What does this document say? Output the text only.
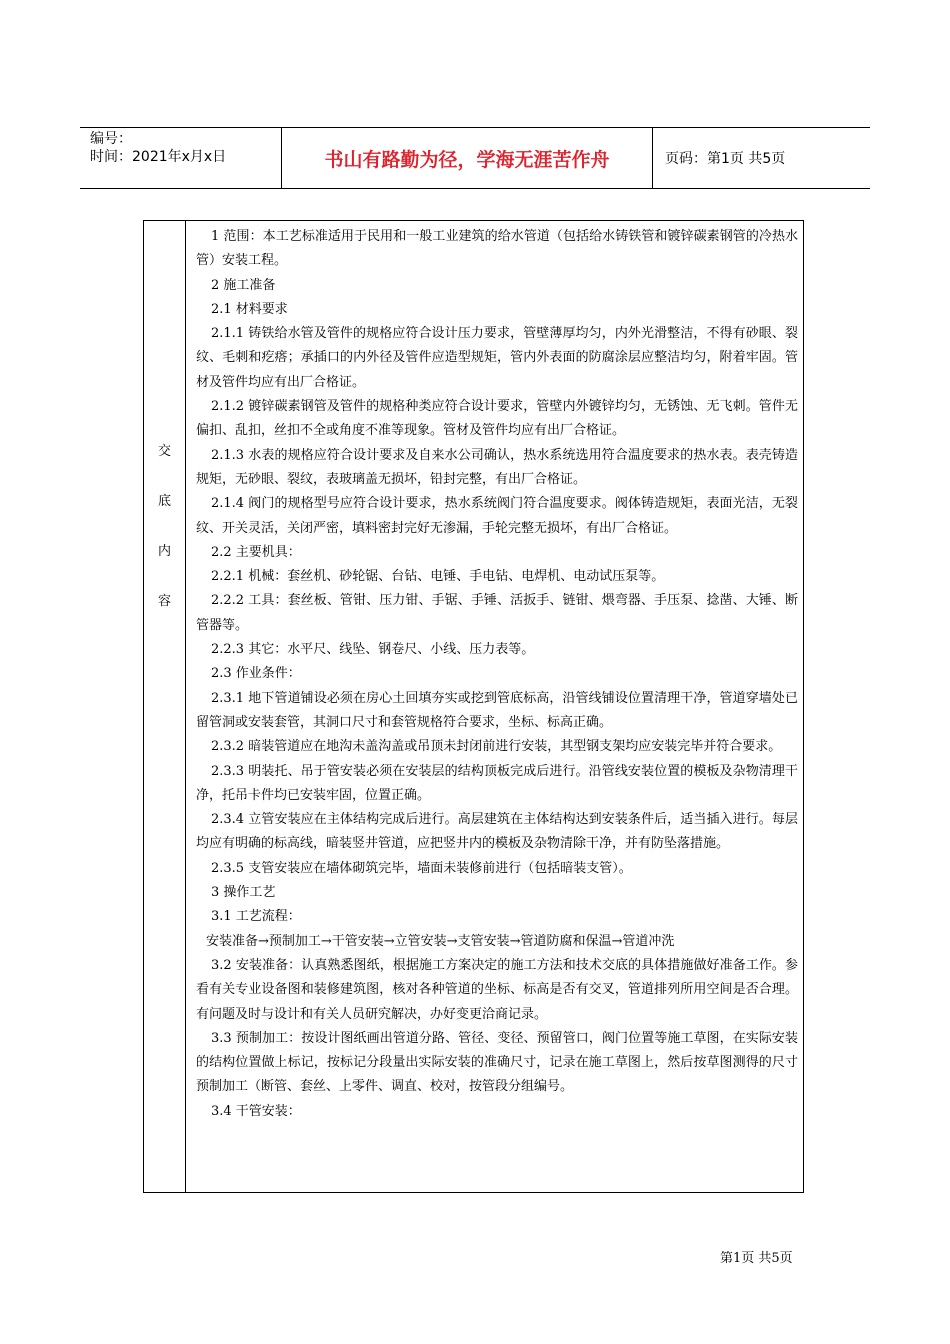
编号：
时间：2021年x月x日	书山有路勤为径，学海无涯苦作舟	页码：第1页 共5页
交
底
内
容

1 范围：本工艺标准适用于民用和一般工业建筑的给水管道（包括给水铸铁管和镀锌碳素钢管的冷热水管）安装工程。

2 施工准备

2.1 材料要求

2.1.1 铸铁给水管及管件的规格应符合设计压力要求，管壁薄厚均匀，内外光滑整洁，不得有砂眼、裂纹、毛刺和疙瘩；承插口的内外径及管件应造型规矩，管内外表面的防腐涂层应整洁均匀，附着牢固。管材及管件均应有出厂合格证。

2.1.2 镀锌碳素钢管及管件的规格种类应符合设计要求，管壁内外镀锌均匀，无锈蚀、无飞刺。管件无偏扣、乱扣，丝扣不全或角度不准等现象。管材及管件均应有出厂合格证。

2.1.3 水表的规格应符合设计要求及自来水公司确认，热水系统选用符合温度要求的热水表。表壳铸造规矩，无砂眼、裂纹，表玻璃盖无损坏，铅封完整，有出厂合格证。

2.1.4 阀门的规格型号应符合设计要求，热水系统阀门符合温度要求。阀体铸造规矩，表面光洁，无裂纹、开关灵活，关闭严密，填料密封完好无渗漏，手轮完整无损坏，有出厂合格证。

2.2 主要机具：

2.2.1 机械：套丝机、砂轮锯、台钻、电锤、手电钻、电焊机、电动试压泵等。

2.2.2 工具：套丝板、管钳、压力钳、手锯、手锤、活扳手、链钳、煨弯器、手压泵、捻凿、大锤、断管器等。

2.2.3 其它：水平尺、线坠、钢卷尺、小线、压力表等。

2.3 作业条件：

2.3.1 地下管道铺设必须在房心土回填夯实或挖到管底标高，沿管线铺设位置清理干净，管道穿墙处已留管洞或安装套管，其洞口尺寸和套管规格符合要求，坐标、标高正确。

2.3.2 暗装管道应在地沟未盖沟盖或吊顶未封闭前进行安装，其型钢支架均应安装完毕并符合要求。

2.3.3 明装托、吊于管安装必须在安装层的结构顶板完成后进行。沿管线安装位置的模板及杂物清理干净，托吊卡件均已安装牢固，位置正确。

2.3.4 立管安装应在主体结构完成后进行。高层建筑在主体结构达到安装条件后，适当插入进行。每层均应有明确的标高线，暗装竖井管道，应把竖井内的模板及杂物清除干净，并有防坠落措施。

2.3.5 支管安装应在墙体砌筑完毕，墙面未装修前进行（包括暗装支管）。

3 操作工艺

3.1 工艺流程：

安装准备→预制加工→干管安装→立管安装→支管安装→管道防腐和保温→管道冲洗

3.2 安装准备：认真熟悉图纸，根据施工方案决定的施工方法和技术交底的具体措施做好准备工作。参看有关专业设备图和装修建筑图，核对各种管道的坐标、标高是否有交叉，管道排列所用空间是否合理。有问题及时与设计和有关人员研究解决，办好变更洽商记录。

3.3 预制加工：按设计图纸画出管道分路、管径、变径、预留管口，阀门位置等施工草图，在实际安装的结构位置做上标记，按标记分段量出实际安装的准确尺寸，记录在施工草图上，然后按草图测得的尺寸预制加工（断管、套丝、上零件、调直、校对，按管段分组编号。

3.4 干管安装：

第1页 共5页
